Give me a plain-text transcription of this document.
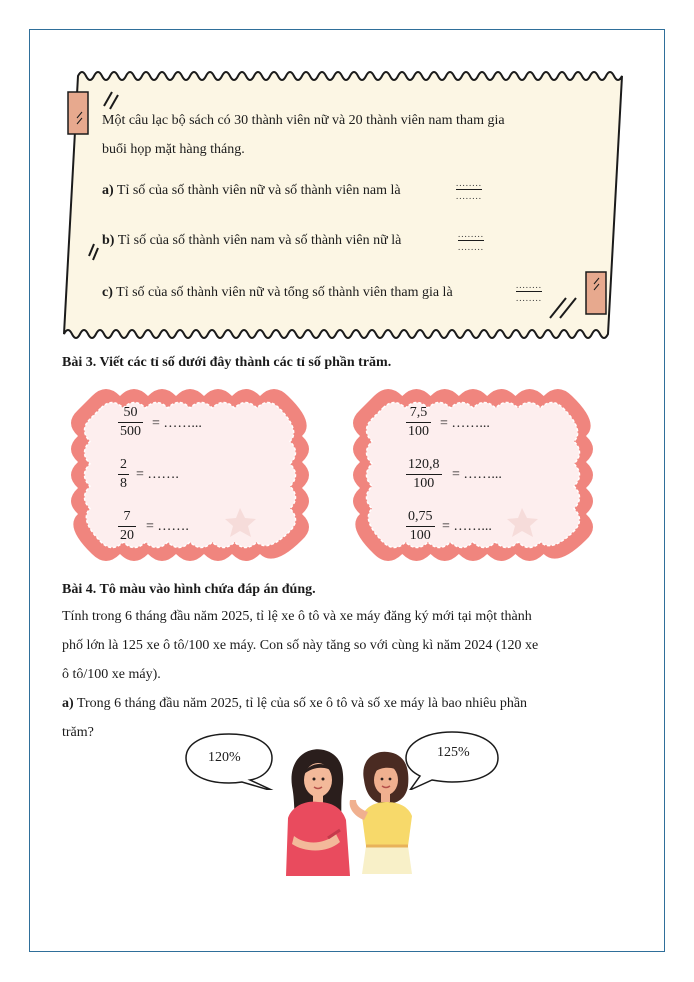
Một câu lạc bộ sách có 30 thành viên nữ và 20 thành viên nam tham gia
buổi họp mặt hàng tháng.
a) Tỉ số của số thành viên nữ và số thành viên nam là	........
........
b) Tỉ số của số thành viên nam và số thành viên nữ là	........
........
c) Tỉ số của số thành viên nữ và tổng số thành viên tham gia là	........
........
Bài 3. Viết các tỉ số dưới đây thành các tỉ số phần trăm.
50
500
= ……...
2
8
= …….
7
20
= …….
7,5
100
= ……...
120,8
100
= ……...
0,75
100
= ……...
Bài 4. Tô màu vào hình chứa đáp án đúng.
Tính trong 6 tháng đầu năm 2025, tỉ lệ xe ô tô và xe máy đăng ký mới tại một thành
phố lớn là 125 xe ô tô/100 xe máy. Con số này tăng so với cùng kì năm 2024 (120 xe
ô tô/100 xe máy).
a) Trong 6 tháng đầu năm 2025, tỉ lệ của số xe ô tô và số xe máy là bao nhiêu phần
trăm?
120%	125%
